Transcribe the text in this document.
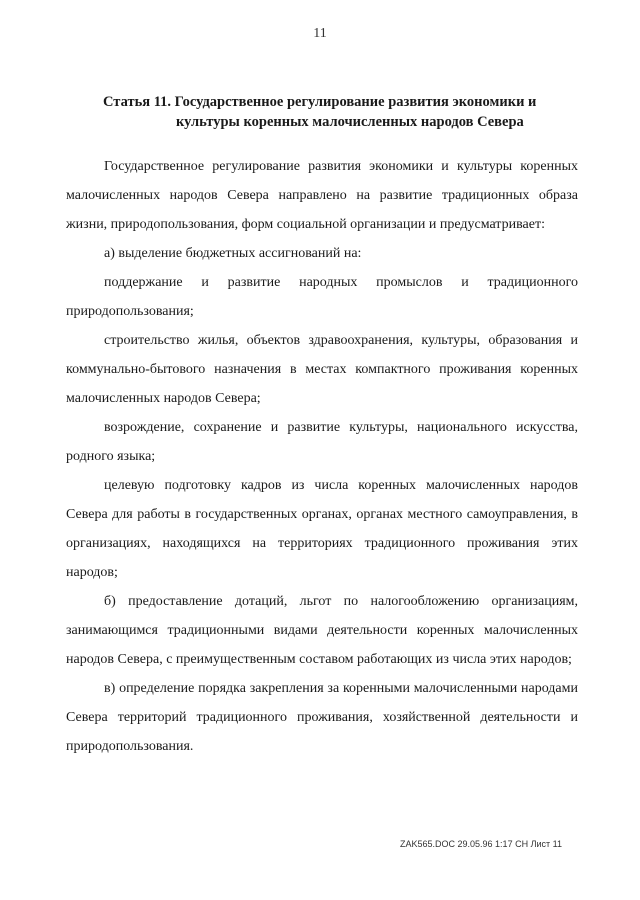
11
Статья 11. Государственное регулирование развития экономики и
культуры коренных малочисленных народов Севера

Государственное регулирование развития экономики и культуры коренных малочисленных народов Севера направлено на развитие традиционных образа жизни, природопользования, форм социальной организации и предусматривает:

а) выделение бюджетных ассигнований на:

поддержание и развитие народных промыслов и традиционного природопользования;

строительство жилья, объектов здравоохранения, культуры, образования и коммунально-бытового назначения в местах компактного проживания коренных малочисленных народов Севера;

возрождение, сохранение и развитие культуры, национального искусства, родного языка;

целевую подготовку кадров из числа коренных малочисленных народов Севера для работы в государственных органах, органах местного самоуправления, в организациях, находящихся на территориях традиционного проживания этих народов;

б) предоставление дотаций, льгот по налогообложению организациям, занимающимся традиционными видами деятельности коренных малочисленных народов Севера, с преимущественным составом работающих из числа этих народов;

в) определение порядка закрепления за коренными малочисленными народами Севера территорий традиционного проживания, хозяйственной деятельности и природопользования.

ZAK565.DOC 29.05.96 1:17 CH Лист 11
